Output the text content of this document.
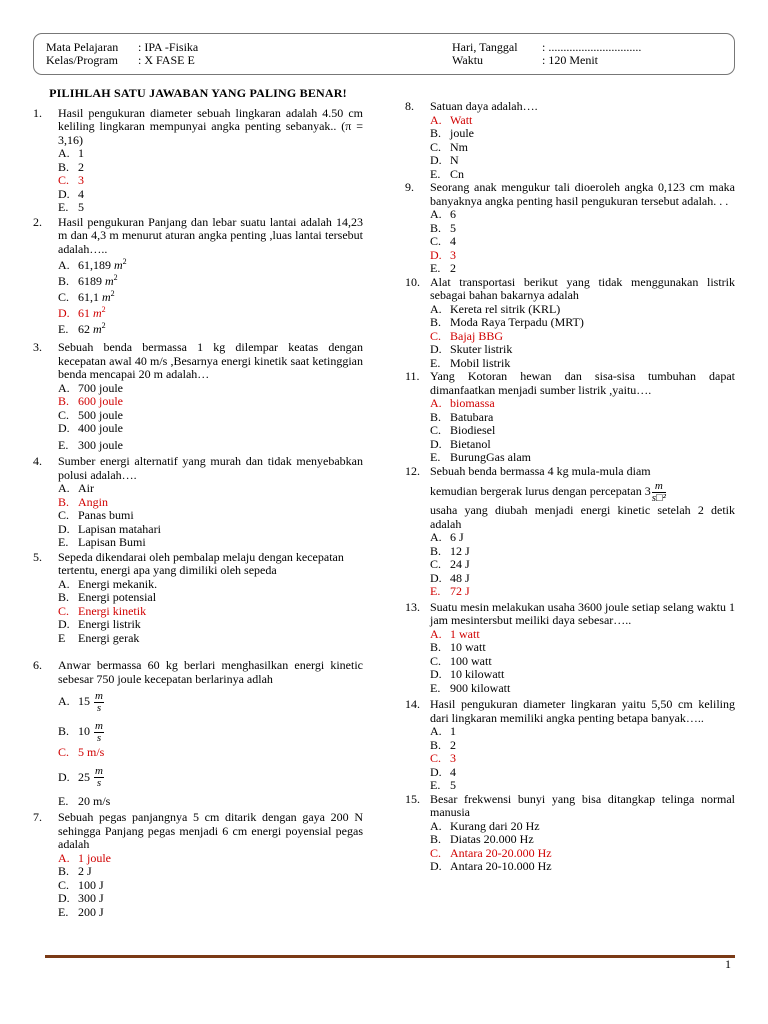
Mata Pelajaran : IPA -Fisika
Kelas/Program : X FASE E
Hari, Tanggal : ...............................
Waktu	: 120 Menit
PILIHLAH SATU JAWABAN YANG PALING BENAR!
1.	Hasil pengukuran diameter sebuah lingkaran adalah 4.50 cm keliling lingkaran mempunyai angka penting sebanyak.. (π = 3,16)
A. 1
B. 2
C. 3
D. 4
E. 5
2.	Hasil pengukuran Panjang dan lebar suatu lantai adalah 14,23 m dan 4,3 m menurut aturan angka penting ,luas lantai tersebut adalah…..
A. 61,189 $m^2$
B. 6189 $m^2$
C. 61,1 $m^2$
D. 61 $m^2$
E. 62 $m^2$
3.	Sebuah benda bermassa 1 kg dilempar keatas dengan kecepatan awal 40 m/s ,Besarnya energi kinetik saat ketinggian benda mencapai 20 m adalah…
A. 700 joule
B. 600 joule
C. 500 joule
D. 400 joule
E. 300 joule
4.	Sumber energi alternatif yang murah dan tidak menyebabkan polusi adalah….
A. Air
B. Angin
C. Panas bumi
D. Lapisan matahari
E. Lapisan Bumi
5.	Sepeda dikendarai oleh pembalap melaju dengan kecepatan tertentu, energi apa yang dimiliki oleh sepeda
A. Energi mekanik.
B. Energi potensial
C. Energi kinetik
D. Energi listrik
E Energi gerak
6.	Anwar bermassa 60 kg berlari menghasilkan energi kinetic sebesar 750 joule kecepatan berlarinya adlah
A. $15 \frac{m}{s}$
B. $10 \frac{m}{s}$
C. 5 m/s
D. $25 \frac{m}{s}$
E. 20 m/s
7.	Sebuah pegas panjangnya 5 cm ditarik dengan gaya 200 N sehingga Panjang pegas menjadi 6 cm energi poyensial pegas adalah
A. 1 joule
B. 2 J
C. 100 J
D. 300 J
E. 200 J
8.	Satuan daya adalah….
A. Watt
B. joule
C. Nm
D. N
E. Cn
9.	Seorang anak mengukur tali dioeroleh angka 0,123 cm maka banyaknya angka penting hasil pengukuran tersebut adalah. . .
A. 6
B. 5
C. 4
D. 3
E. 2
10. Alat transportasi berikut yang tidak menggunakan listrik sebagai bahan bakarnya adalah
A. Kereta rel sitrik (KRL)
B. Moda Raya Terpadu (MRT)
C. Bajaj BBG
D. Skuter listrik
E. Mobil listrik
11. Yang Kotoran hewan dan sisa-sisa tumbuhan dapat dimanfaatkan menjadi sumber listrik ,yaitu….
A. biomassa
B. Batubara
C. Biodiesel
D. Bietanol
E. BurungGas alam
12. Sebuah benda bermassa 4 kg mula-mula diam
kemudian bergerak lurus dengan percepatan $3 \frac{m}{\text{s□²}}$
usaha yang diubah menjadi energi kinetic setelah 2 detik adalah
A. 6 J
B. 12 J
C. 24 J
D. 48 J
E. 72 J
13. Suatu mesin melakukan usaha 3600 joule setiap selang waktu 1 jam mesintersbut meiliki daya sebesar…..
A. 1 watt
B. 10 watt
C. 100 watt
D. 10 kilowatt
E. 900 kilowatt
14. Hasil pengukuran diameter lingkaran yaitu 5,50 cm keliling dari lingkaran memiliki angka penting betapa banyak…..
A. 1
B. 2
C. 3
D. 4
E. 5
15. Besar frekwensi bunyi yang bisa ditangkap telinga normal manusia
A. Kurang dari 20 Hz
B. Diatas 20.000 Hz
C. Antara 20-20.000 Hz
D. Antara 20-10.000 Hz
1
